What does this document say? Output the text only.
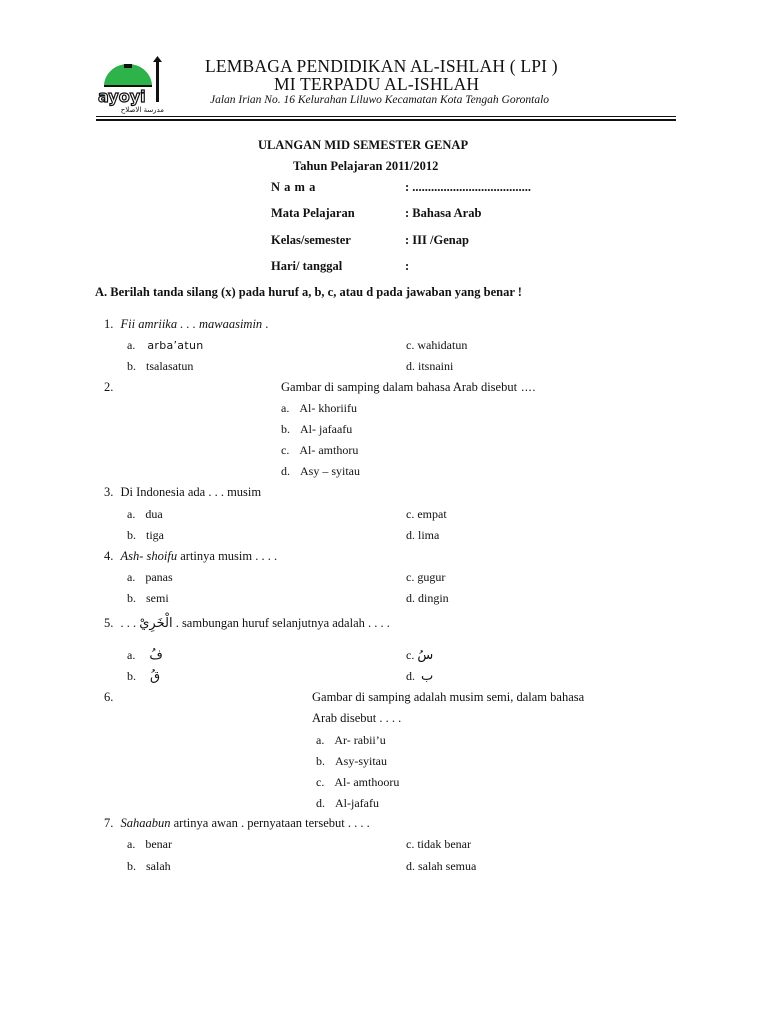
ayoyi
مدرسة الاصلاح
LEMBAGA PENDIDIKAN AL-ISHLAH ( LPI )
MI TERPADU AL-ISHLAH
Jalan Irian No. 16 Kelurahan Liluwo Kecamatan Kota Tengah Gorontalo
ULANGAN MID SEMESTER GENAP
Tahun Pelajaran 2011/2012
N a m a	: ......................................
Mata Pelajaran	: Bahasa Arab
Kelas/semester	: III /Genap
Hari/ tanggal	:
A. Berilah tanda silang (x) pada huruf a, b, c, atau d pada jawaban yang benar !
1. Fii amriika . . . mawaasimin .
a. arba’atun
b. tsalasatun
c. wahidatun
d. itsnaini
2.	Gambar di samping dalam bahasa Arab disebut ….
a. Al- khoriifu
b. Al- jafaafu
c. Al- amthoru
d. Asy – syitau
3. Di Indonesia ada . . . musim
a. dua
b. tiga
c. empat
d. lima
4. Ash- shoifu artinya musim . . . .
a. panas
b. semi
c. gugur
d. dingin
5. . . . الْخَرِيْ . sambungan huruf selanjutnya adalah . . . .
a. فُ
b. قُ
c. سُ
d. ب
6.	Gambar di samping adalah musim semi, dalam bahasa
Arab disebut . . . .
a. Ar- rabii’u
b. Asy-syitau
c. Al- amthooru
d. Al-jafafu
7. Sahaabun artinya awan . pernyataan tersebut . . . .
a. benar
b. salah
c. tidak benar
d. salah semua
